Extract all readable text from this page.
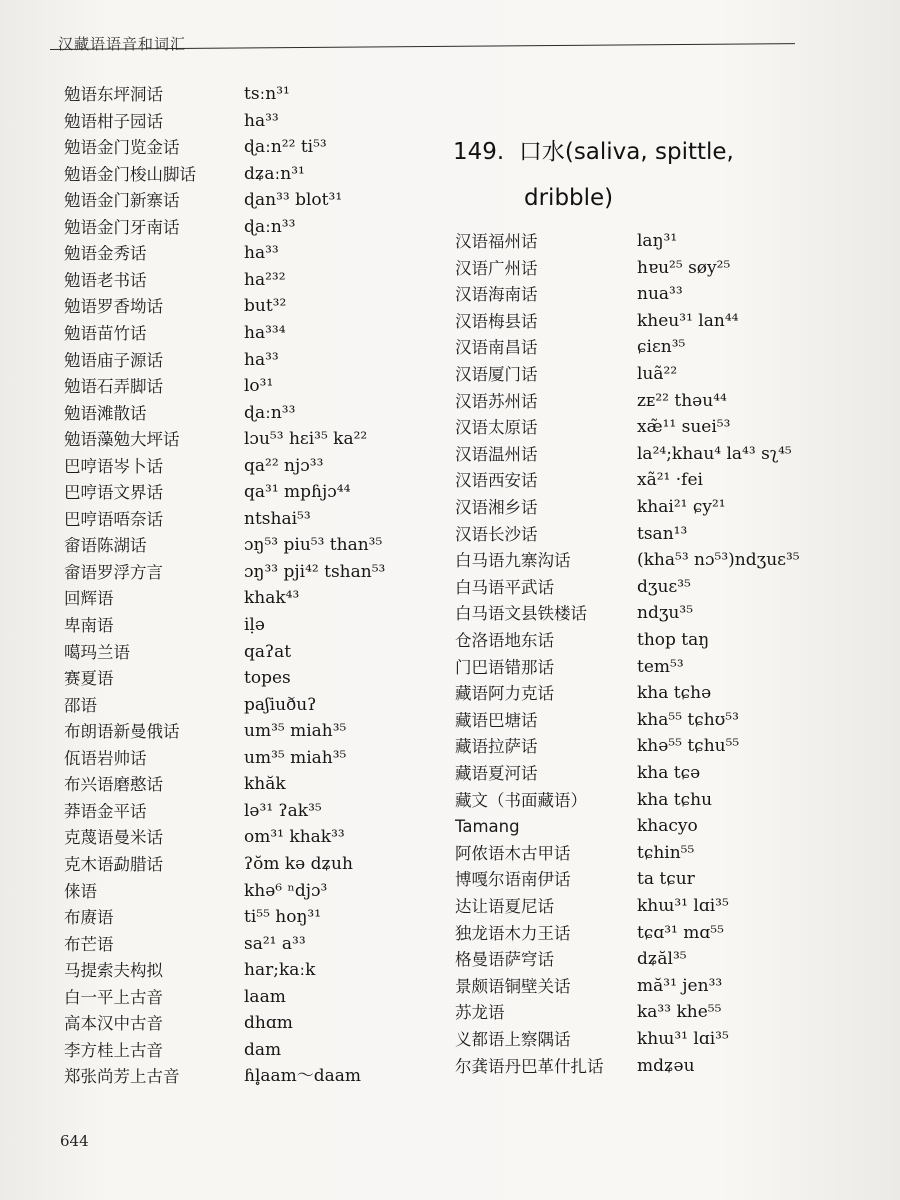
汉藏语语音和词汇
勉语东坪洞话	tsːn³¹
勉语柑子园话	ha³³
勉语金门览金话	ɖaːn²² ti⁵³
勉语金门梭山脚话	dʑaːn³¹
勉语金门新寨话	ɖan³³ blot³¹
勉语金门牙南话	ɖaːn³³
勉语金秀话	ha³³
勉语老书话	ha²³²
勉语罗香坳话	but³²
勉语苗竹话	ha³³⁴
勉语庙子源话	ha³³
勉语石弄脚话	lo³¹
勉语滩散话	ɖaːn³³
勉语藻勉大坪话	lɔu⁵³ hɛi³⁵ ka²²
巴哼语岑卜话	qa²² njɔ³³
巴哼语文界话	qa³¹ mpɦjɔ⁴⁴
巴哼语唔奈话	ntshai⁵³
畲语陈湖话	ɔŋ⁵³ piu⁵³ than³⁵
畲语罗浮方言	ɔŋ³³ pji⁴² tshan⁵³
回辉语	khak⁴³
卑南语	iḷə
噶玛兰语	qaʔat
赛夏语	topes
邵语	paʃiuðuʔ
布朗语新曼俄话	um³⁵ miah³⁵
佤语岩帅话	um³⁵ miah³⁵
布兴语磨憨话	khăk
莽语金平话	lə³¹ ʔak³⁵
克蔑语曼米话	om³¹ khak³³
克木语勐腊话	ʔŏm kə dʑuh
俫语	khə⁶ ⁿdjɔ³
布赓语	ti⁵⁵ hoŋ³¹
布芒语	sa²¹ a³³
马提索夫构拟	har;kaːk
白一平上古音	laam
高本汉中古音	dhɑm
李方桂上古音	dam
郑张尚芳上古音	ɦl̥aam～daam
149. 口水(saliva, spittle,
dribble)
汉语福州话	laŋ³¹
汉语广州话	hɐu²⁵ søy²⁵
汉语海南话	nua³³
汉语梅县话	kheu³¹ lan⁴⁴
汉语南昌话	ɕiɛn³⁵
汉语厦门话	luã²²
汉语苏州话	zᴇ²² thəu⁴⁴
汉语太原话	xæ̃¹¹ suei⁵³
汉语温州话	la²⁴;khau⁴ la⁴³ sʅ⁴⁵
汉语西安话	xã²¹ ·fei
汉语湘乡话	khai²¹ ɕy²¹
汉语长沙话	tsan¹³
白马语九寨沟话	(kha⁵³ nɔ⁵³)ndʒuɛ³⁵
白马语平武话	dʒuɛ³⁵
白马语文县铁楼话	ndʒu³⁵
仓洛语地东话	thop taŋ
门巴语错那话	tem⁵³
藏语阿力克话	kha tɕhə
藏语巴塘话	kha⁵⁵ tɕhʊ⁵³
藏语拉萨话	khə⁵⁵ tɕhu⁵⁵
藏语夏河话	kha tɕə
藏文（书面藏语）	kha tɕhu
Tamang	khacyo
阿侬语木古甲话	tɕhin⁵⁵
博嘎尔语南伊话	ta tɕur
达让语夏尼话	khɯ³¹ lɑi³⁵
独龙语木力王话	tɕɑ³¹ mɑ⁵⁵
格曼语萨穹话	dʑăl³⁵
景颇语铜壁关话	mă³¹ jen³³
苏龙语	ka³³ khe⁵⁵
义都语上察隅话	khɯ³¹ lɑi³⁵
尔龚语丹巴革什扎话 mdʑəu
644
